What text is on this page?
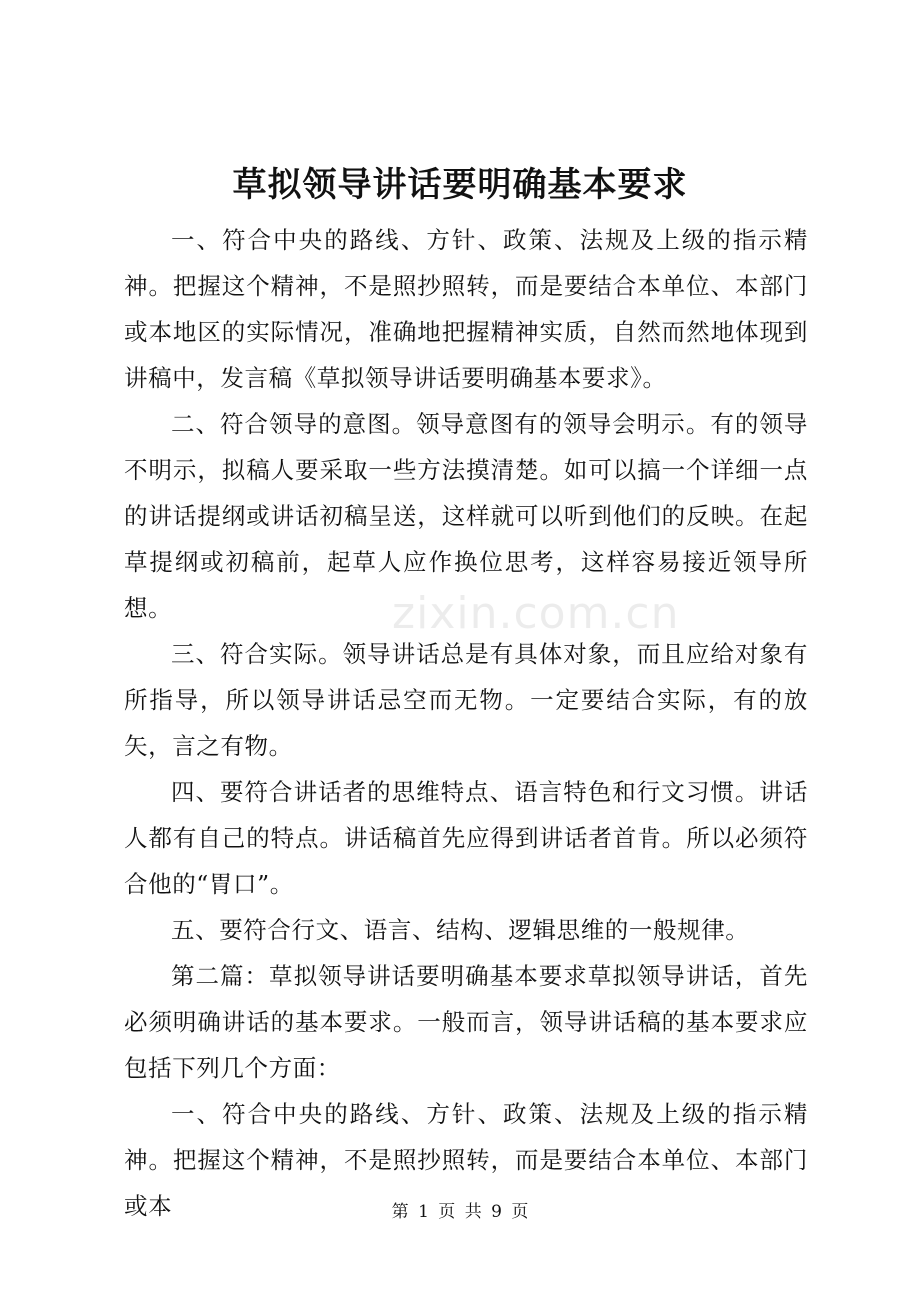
草拟领导讲话要明确基本要求

一、符合中央的路线、方针、政策、法规及上级的指示精神。把握这个精神，不是照抄照转，而是要结合本单位、本部门或本地区的实际情况，准确地把握精神实质，自然而然地体现到讲稿中，发言稿《草拟领导讲话要明确基本要求》。

二、符合领导的意图。领导意图有的领导会明示。有的领导不明示，拟稿人要采取一些方法摸清楚。如可以搞一个详细一点的讲话提纲或讲话初稿呈送，这样就可以听到他们的反映。在起草提纲或初稿前，起草人应作换位思考，这样容易接近领导所想。

三、符合实际。领导讲话总是有具体对象，而且应给对象有所指导，所以领导讲话忌空而无物。一定要结合实际，有的放矢，言之有物。

四、要符合讲话者的思维特点、语言特色和行文习惯。讲话人都有自己的特点。讲话稿首先应得到讲话者首肯。所以必须符合他的“胃口”。

五、要符合行文、语言、结构、逻辑思维的一般规律。

第二篇：草拟领导讲话要明确基本要求草拟领导讲话，首先必须明确讲话的基本要求。一般而言，领导讲话稿的基本要求应包括下列几个方面：

一、符合中央的路线、方针、政策、法规及上级的指示精神。把握这个精神，不是照抄照转，而是要结合本单位、本部门或本

zixin.com.cn
第 1 页 共 9 页
